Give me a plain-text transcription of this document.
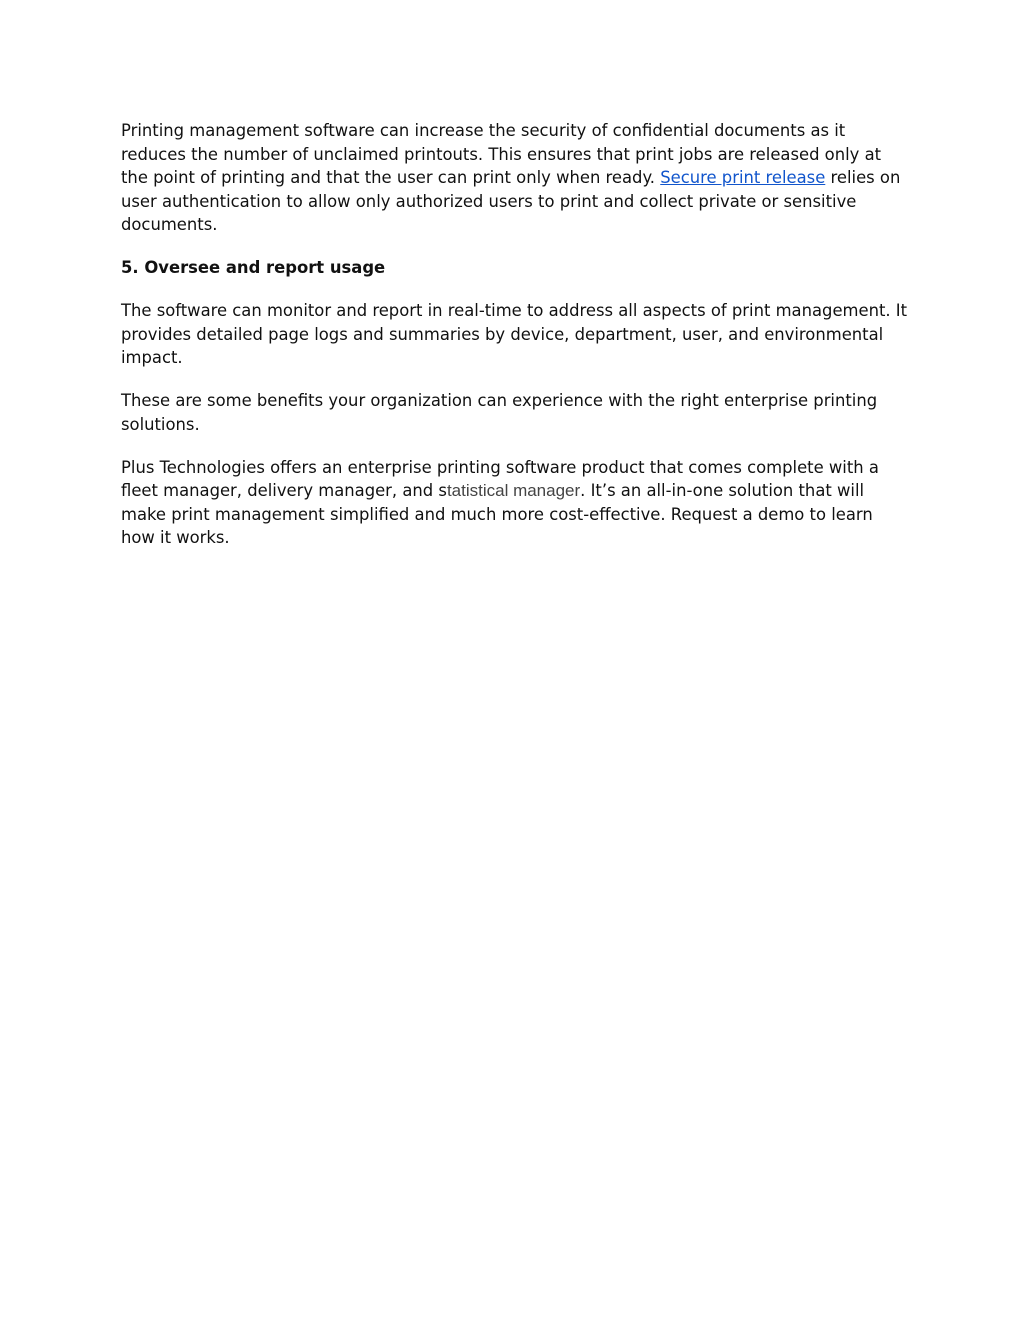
Printing management software can increase the security of confidential documents as it reduces the number of unclaimed printouts. This ensures that print jobs are released only at the point of printing and that the user can print only when ready. Secure print release relies on user authentication to allow only authorized users to print and collect private or sensitive documents.

5. Oversee and report usage

The software can monitor and report in real-time to address all aspects of print management. It provides detailed page logs and summaries by device, department, user, and environmental impact.

These are some benefits your organization can experience with the right enterprise printing solutions.

Plus Technologies offers an enterprise printing software product that comes complete with a fleet manager, delivery manager, and statistical manager. It’s an all-in-one solution that will make print management simplified and much more cost-effective. Request a demo to learn how it works.
